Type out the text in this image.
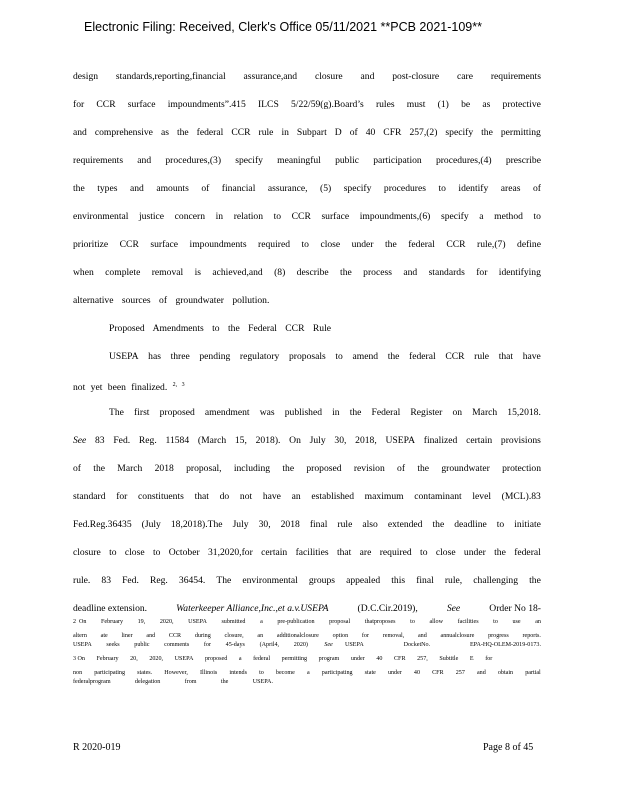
Electronic Filing: Received, Clerk's Office 05/11/2021 **PCB 2021-109**
design standards,reporting,financial assurance,and closure and post-closure care requirements
for CCR surface impoundments”.415 ILCS 5/22/59(g).Board’s rules must (1) be as protective
and comprehensive as the federal CCR rule in Subpart D of 40 CFR 257,(2) specify the permitting
requirements and procedures,(3) specify meaningful public participation procedures,(4) prescribe
the types and amounts of financial assurance, (5) specify procedures to identify areas of
environmental justice concern in relation to CCR surface impoundments,(6) specify a method to
prioritize CCR surface impoundments required to close under the federal CCR rule,(7) define
when complete removal is achieved,and (8) describe the process and standards for identifying
alternative sources of groundwater pollution.
Proposed Amendments to the Federal CCR Rule
USEPA has three pending regulatory proposals to amend the federal CCR rule that have
not yet been finalized. $^{2, 3}$
The first proposed amendment was published in the Federal Register on March 15,2018.
See 83 Fed. Reg. 11584 (March 15, 2018). On July 30, 2018, USEPA finalized certain provisions
of the March 2018 proposal, including the proposed revision of the groundwater protection
standard for constituents that do not have an established maximum contaminant level (MCL).83
Fed.Reg.36435 (July 18,2018).The July 30, 2018 final rule also extended the deadline to initiate
closure to close to October 31,2020,for certain facilities that are required to close under the federal
rule. 83 Fed. Reg. 36454. The environmental groups appealed this final rule, challenging the
deadline extension.	Waterkeeper Alliance,Inc.,et a.v.USEPA	(D.C.Cir.2019),	See	Order No 18-
$^2$ On February 19, 2020, USEPA submitted a pre-publication proposal thatproposes to allow facilities to use an
altern ate liner and CCR during closure, an additionalclosure option for removal, and annualclosure progress reports.
USEPA seeks public comments for 45-days (April4, 2020)	See USEPA	DocketNo.	EPA-HQ-OLEM-2019-0173.
$^3$ On February 20, 2020, USEPA proposed a federal permitting program under 40 CFR 257, Subtitle E for
non participating states. However, Illinois intends to become a participating state under 40 CFR 257 and obtain partial
federalprogram	delegation	from	the	USEPA.
R 2020-019	Page 8 of 45
